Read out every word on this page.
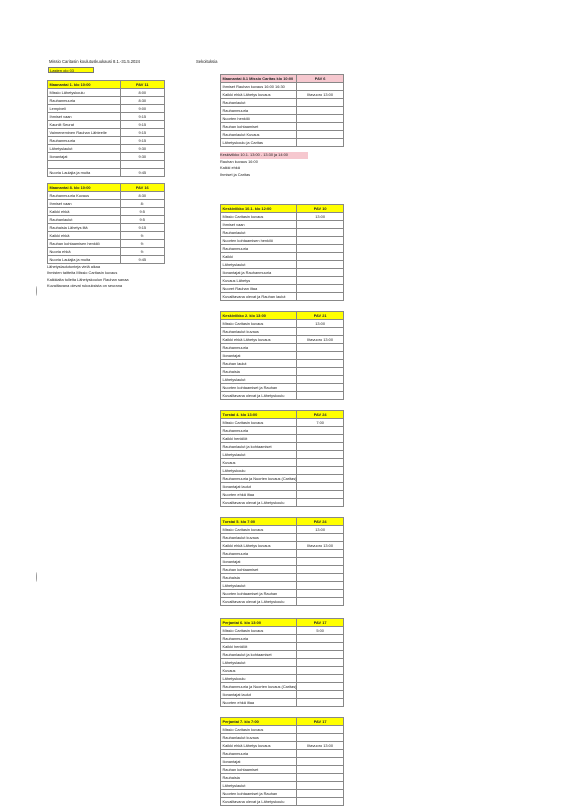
Missio Caritasin koulutuskuukausi 8.1.-31.5.2024	Sekoituksia
Lasten olo 03
Maanantai 1. klo 10:00	PAV 11
Missio Lähetyskoulu	8:00
Rauhanmuuria	8:30
Lempiveli	9:00
Ihmiset vaan	9:15
Kauniit Seurat	9:15
Vaimeneminen Rauhan Lähteelle	9:15
Rauhanmuuria	9:15
Lähetyslaulut	9:30
Ilonantajat	9:30

Nuoria Laulajia ja muita	9:45
Maanantai 8. klo 10:00	PAV 16
Rauhanmuuria Kuvaus	8:30
Ihmiset vaan	8:
Kaikki ehkä	9:5
Rauhanlaulut	9:5
Rauhaisia Lähetys iltä	9:15
Kaikki ehkä	9:
Rauhan kohtaamisen henkilö	9:
Nuoria ehkä	9:
Nuoria Laulajia ja muita	9:45
Lähetyslaulutunteja vielä aikaa
Ihmisten taitteita Missio Caritasin kuvaus
Kaikkialta tulleita Lähetyskoulun Rauhan sanaa
Kuvailtavana olevat rukouksista on seurana
Maanantai 8.1 Missio Caritas klo 10:00	PAV 6
Ihmiset Rauhan kuvaus 16:00 16:30	
Kaikki ehkä Lähetys kuvaus	Iltavuoro 13:00
Rauhanlaulut	
Rauhanmuuria	
Nuorten henkilö	
Rauhan kohtaamiset	
Rauhanlaulut Kuvaus	
Lähetyskoulu ja Caritas	
Keskiviikko 10.1. 13:00 - 13:30 ja 14:00
Rauhan kuvaus 16:00
Kaikki ehkä
Ihmiset ja Caritas
Keskiviikko 10.1. klo 12:00	PAV 10
Missio Caritasin kuvaus	13:00
Ihmiset vaan	
Rauhanlaulut	
Nuorten kohtaamisen henkilö	
Rauhanmuuria	
Kaikki	
Lähetyslaulut	
Ilonantajat ja Rauhanmuuria	
Kuvaus Lähetys	
Nuoret Rauhan iltaa	
Kuvailtavana olevat ja Rauhan laulut	
Keskiviikko 2. klo 13:00	PAV 21
Missio Caritasin kuvaus	13:00
Rauhanlaulut kuvaus	
Kaikki ehkä Lähetys kuvaus	Iltavuoro 13:00
Rauhanmuuria	
Ilonantajat	
Rauhan laulut	
Rauhaisia	
Lähetyslaulut	
Nuorten kohtaamiset ja Rauhan	
Kuvailtavana olevat ja Lähetyskoulu	
Torstai 4. klo 13:00	PAV 24
Missio Caritasin kuvaus	7:00
Rauhanmuuria	
Kaikki henkilöt	
Rauhanlaulut ja kohtaamiset	
Lähetyslaulut	
Kuvaus	
Lähetyskoulu	
Rauhanmuuria ja Nuorten kuvaus (Caritas)	
Ilonantajat laulut	
Nuorten ehkä iltaa	
Kuvailtavana olevat ja Lähetyskoulu	
Torstai 5. klo 7:00	PAV 24
Missio Caritasin kuvaus	13:00
Rauhanlaulut kuvaus	
Kaikki ehkä Lähetys kuvaus	Iltavuoro 13:00
Rauhanmuuria	
Ilonantajat	
Rauhan kohtaamiset	
Rauhaisia	
Lähetyslaulut	
Nuorten kohtaamiset ja Rauhan	
Kuvailtavana olevat ja Lähetyskoulu	
Perjantai 6. klo 13:00	PAV 17
Missio Caritasin kuvaus	5:00
Rauhanmuuria	
Kaikki henkilöt	
Rauhanlaulut ja kohtaamiset	
Lähetyslaulut	
Kuvaus	
Lähetyskoulu	
Rauhanmuuria ja Nuorten kuvaus (Caritas)	
Ilonantajat laulut	
Nuorten ehkä iltaa	
Perjantai 7. klo 7:00	PAV 17
Missio Caritasin kuvaus	
Rauhanlaulut kuvaus	
Kaikki ehkä Lähetys kuvaus	Iltavuoro 13:00
Rauhanmuuria	
Ilonantajat	
Rauhan kohtaamiset	
Rauhaisia	
Lähetyslaulut	
Nuorten kohtaamiset ja Rauhan	
Kuvailtavana olevat ja Lähetyskoulu	
